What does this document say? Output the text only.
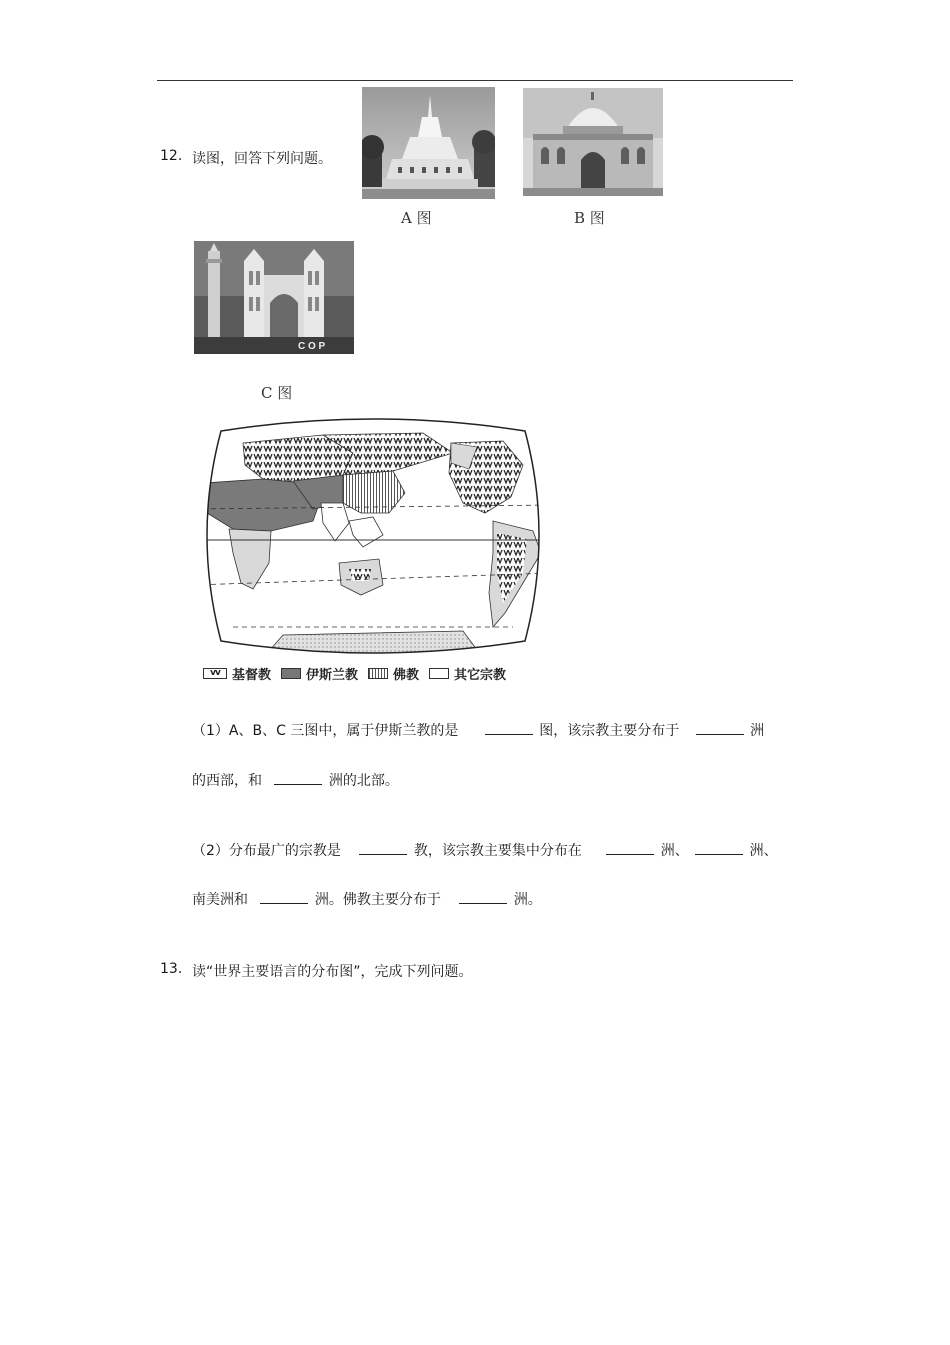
12. 读图，回答下列问题。
A 图	B 图
C O P
C 图
vv 基督教	伊斯兰教	佛教	其它宗教
（1）A、B、C 三图中，属于伊斯兰教的是	图，该宗教主要分布于	洲
的西部，和	洲的北部。
（2）分布最广的宗教是	教，该宗教主要集中分布在	洲、	洲、
南美洲和	洲。佛教主要分布于	洲。
13. 读“世界主要语言的分布图”，完成下列问题。
